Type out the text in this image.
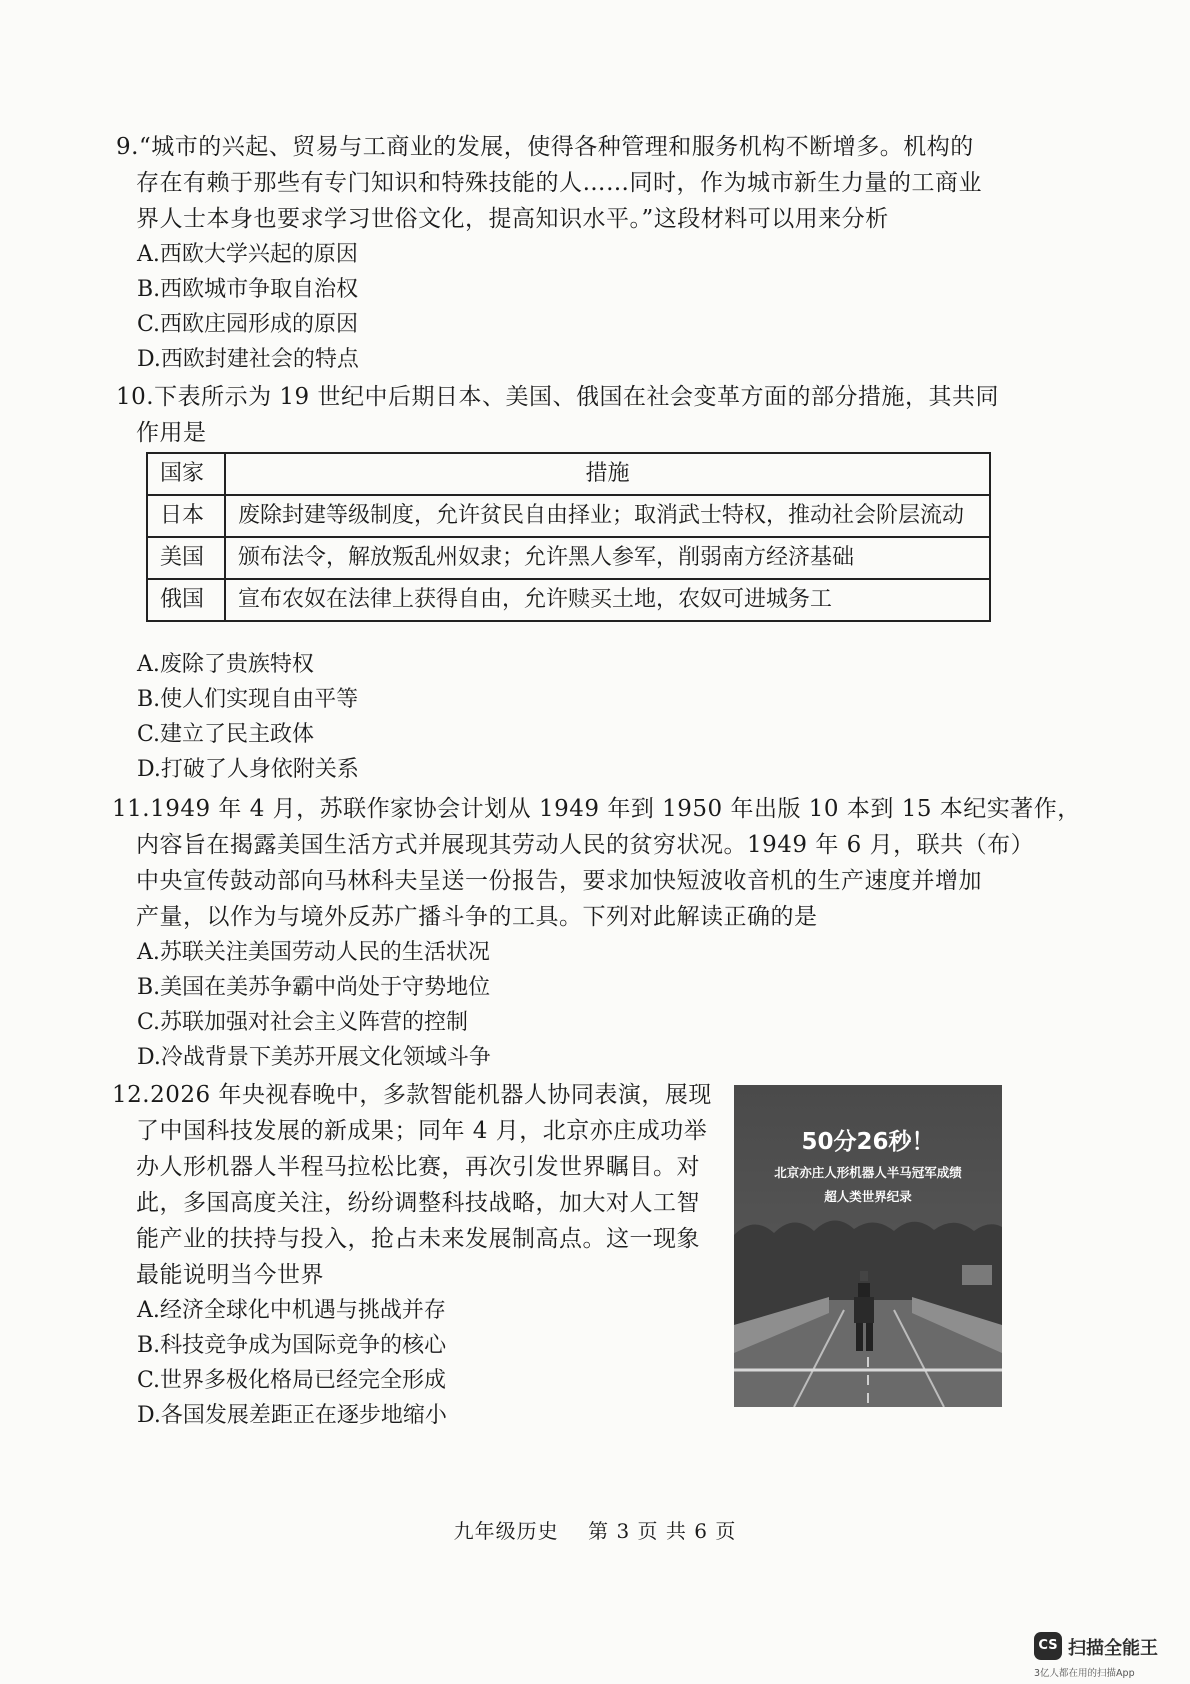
9.“城市的兴起、贸易与工商业的发展，使得各种管理和服务机构不断增多。机构的
存在有赖于那些有专门知识和特殊技能的人……同时，作为城市新生力量的工商业
界人士本身也要求学习世俗文化，提高知识水平。”这段材料可以用来分析
A.西欧大学兴起的原因
B.西欧城市争取自治权
C.西欧庄园形成的原因
D.西欧封建社会的特点
10.下表所示为 19 世纪中后期日本、美国、俄国在社会变革方面的部分措施，其共同
作用是
国家	措施
日本	废除封建等级制度，允许贫民自由择业；取消武士特权，推动社会阶层流动
美国	颁布法令，解放叛乱州奴隶；允许黑人参军，削弱南方经济基础
俄国	宣布农奴在法律上获得自由，允许赎买土地，农奴可进城务工
A.废除了贵族特权
B.使人们实现自由平等
C.建立了民主政体
D.打破了人身依附关系
11.1949 年 4 月，苏联作家协会计划从 1949 年到 1950 年出版 10 本到 15 本纪实著作，
内容旨在揭露美国生活方式并展现其劳动人民的贫穷状况。1949 年 6 月，联共（布）
中央宣传鼓动部向马林科夫呈送一份报告，要求加快短波收音机的生产速度并增加
产量，以作为与境外反苏广播斗争的工具。下列对此解读正确的是
A.苏联关注美国劳动人民的生活状况
B.美国在美苏争霸中尚处于守势地位
C.苏联加强对社会主义阵营的控制
D.冷战背景下美苏开展文化领域斗争
12.2026 年央视春晚中，多款智能机器人协同表演，展现
了中国科技发展的新成果；同年 4 月，北京亦庄成功举
办人形机器人半程马拉松比赛，再次引发世界瞩目。对
此，多国高度关注，纷纷调整科技战略，加大对人工智
能产业的扶持与投入，抢占未来发展制高点。这一现象
最能说明当今世界
A.经济全球化中机遇与挑战并存
B.科技竞争成为国际竞争的核心
C.世界多极化格局已经完全形成
D.各国发展差距正在逐步地缩小
50分26秒！
北京亦庄人形机器人半马冠军成绩
超人类世界纪录
九年级历史    第 3 页 共 6 页
CS 扫描全能王
3亿人都在用的扫描App
